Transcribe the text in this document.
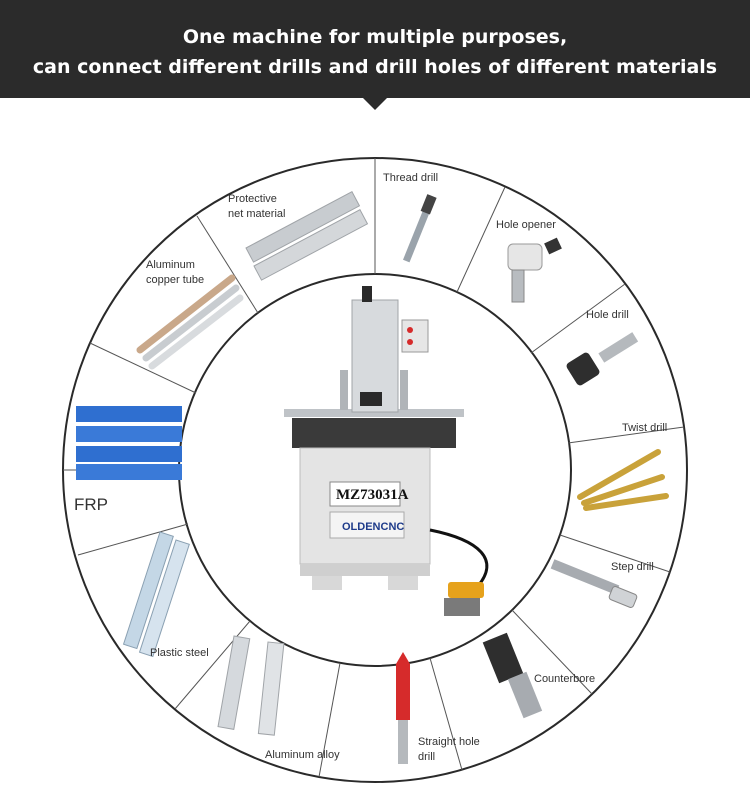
One machine for multiple purposes,
can connect different drills and drill holes of different materials
Thread drill
Hole opener
Hole drill
Twist drill
Step drill
Counterbore
Straight hole
drill
Aluminum alloy
Plastic steel
FRP
Aluminum
copper tube
Protective
net material
MZ73031A
OLDENCNC
